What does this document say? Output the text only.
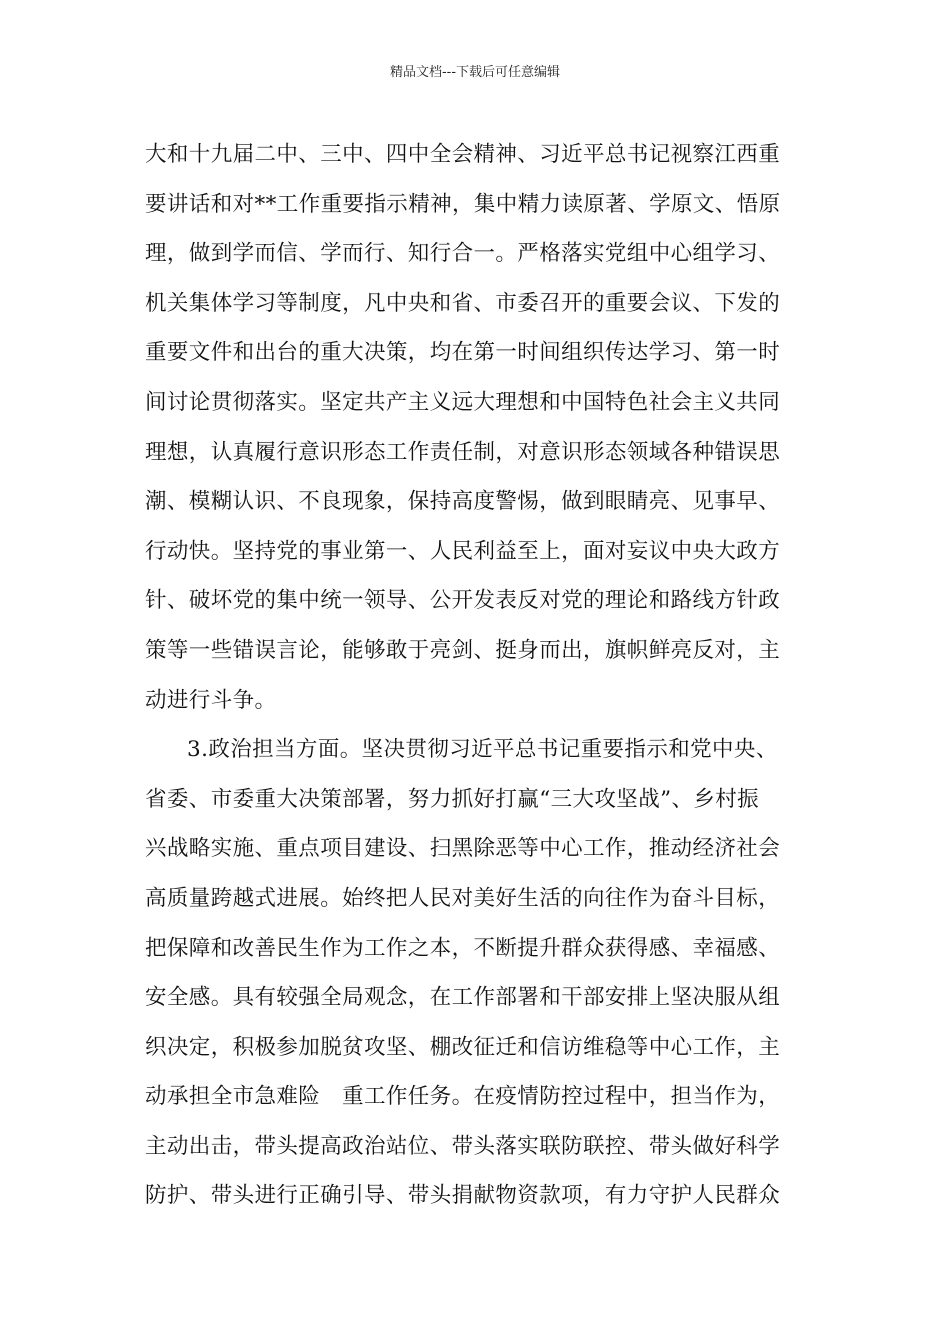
精品文档---下载后可任意编辑
大和十九届二中、三中、四中全会精神、习近平总书记视察江西重
要讲话和对**工作重要指示精神，集中精力读原著、学原文、悟原
理，做到学而信、学而行、知行合一。严格落实党组中心组学习、
机关集体学习等制度，凡中央和省、市委召开的重要会议、下发的
重要文件和出台的重大决策，均在第一时间组织传达学习、第一时
间讨论贯彻落实。坚定共产主义远大理想和中国特色社会主义共同
理想，认真履行意识形态工作责任制，对意识形态领域各种错误思
潮、模糊认识、不良现象，保持高度警惕，做到眼睛亮、见事早、
行动快。坚持党的事业第一、人民利益至上，面对妄议中央大政方
针、破坏党的集中统一领导、公开发表反对党的理论和路线方针政
策等一些错误言论，能够敢于亮剑、挺身而出，旗帜鲜亮反对，主
动进行斗争。
3.政治担当方面。坚决贯彻习近平总书记重要指示和党中央、
省委、市委重大决策部署，努力抓好打赢“三大攻坚战”、乡村振
兴战略实施、重点项目建设、扫黑除恶等中心工作，推动经济社会
高质量跨越式进展。始终把人民对美好生活的向往作为奋斗目标，
把保障和改善民生作为工作之本，不断提升群众获得感、幸福感、
安全感。具有较强全局观念，在工作部署和干部安排上坚决服从组
织决定，积极参加脱贫攻坚、棚改征迁和信访维稳等中心工作，主
动承担全市急难险　重工作任务。在疫情防控过程中，担当作为，
主动出击，带头提高政治站位、带头落实联防联控、带头做好科学
防护、带头进行正确引导、带头捐献物资款项，有力守护人民群众
